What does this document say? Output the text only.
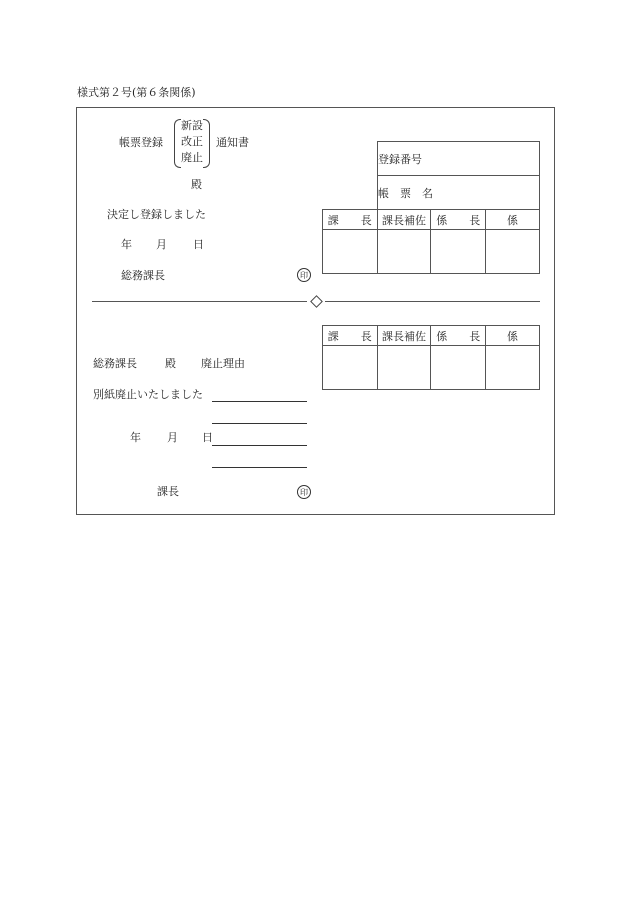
様式第２号(第６条関係)
帳票登録
新設
改正
廃止
通知書
殿
決定し登録しました
年 月 日
総務課長	印
登録番号
帳　票　名
課　　長	課長補佐	係　　長	係

課　　長	課長補佐	係　　長	係

総務課長	殿 廃止理由
別紙廃止いたしました
年 月 日
課長	印
